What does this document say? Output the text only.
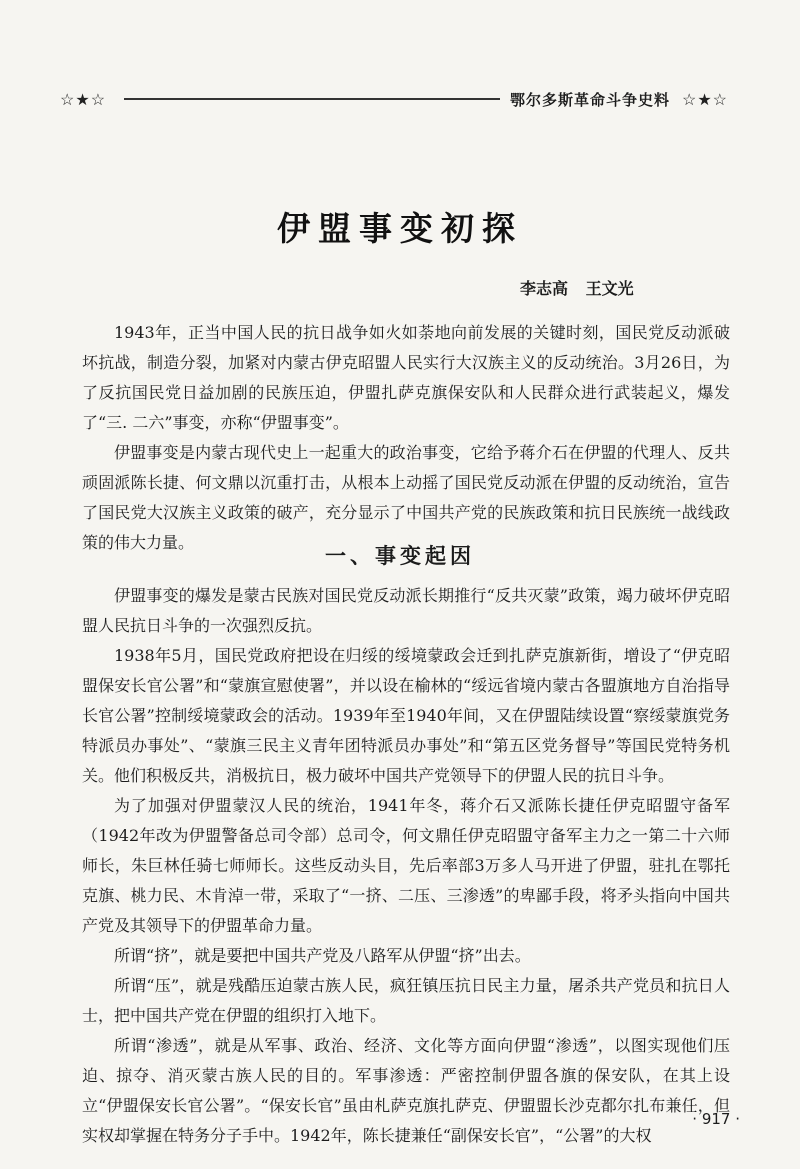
☆★☆	鄂尔多斯革命斗争史料 ☆★☆
伊盟事变初探
李志高 王文光

1943年，正当中国人民的抗日战争如火如荼地向前发展的关键时刻，国民党反动派破坏抗战，制造分裂，加紧对内蒙古伊克昭盟人民实行大汉族主义的反动统治。3月26日，为了反抗国民党日益加剧的民族压迫，伊盟扎萨克旗保安队和人民群众进行武装起义，爆发了“三. 二六”事变，亦称“伊盟事变”。

伊盟事变是内蒙古现代史上一起重大的政治事变，它给予蒋介石在伊盟的代理人、反共顽固派陈长捷、何文鼎以沉重打击，从根本上动摇了国民党反动派在伊盟的反动统治，宣告了国民党大汉族主义政策的破产，充分显示了中国共产党的民族政策和抗日民族统一战线政策的伟大力量。

一、事变起因

伊盟事变的爆发是蒙古民族对国民党反动派长期推行“反共灭蒙”政策，竭力破坏伊克昭盟人民抗日斗争的一次强烈反抗。

1938年5月，国民党政府把设在归绥的绥境蒙政会迁到扎萨克旗新街，增设了“伊克昭盟保安长官公署”和“蒙旗宣慰使署”，并以设在榆林的“绥远省境内蒙古各盟旗地方自治指导长官公署”控制绥境蒙政会的活动。1939年至1940年间，又在伊盟陆续设置“察绥蒙旗党务特派员办事处”、“蒙旗三民主义青年团特派员办事处”和“第五区党务督导”等国民党特务机关。他们积极反共，消极抗日，极力破坏中国共产党领导下的伊盟人民的抗日斗争。

为了加强对伊盟蒙汉人民的统治，1941年冬，蒋介石又派陈长捷任伊克昭盟守备军（1942年改为伊盟警备总司令部）总司令，何文鼎任伊克昭盟守备军主力之一第二十六师师长，朱巨林任骑七师师长。这些反动头目，先后率部3万多人马开进了伊盟，驻扎在鄂托克旗、桃力民、木肯淖一带，采取了“一挤、二压、三渗透”的卑鄙手段，将矛头指向中国共产党及其领导下的伊盟革命力量。

所谓“挤”，就是要把中国共产党及八路军从伊盟“挤”出去。

所谓“压”，就是残酷压迫蒙古族人民，疯狂镇压抗日民主力量，屠杀共产党员和抗日人士，把中国共产党在伊盟的组织打入地下。

所谓“渗透”，就是从军事、政治、经济、文化等方面向伊盟“渗透”，以图实现他们压迫、掠夺、消灭蒙古族人民的目的。军事渗透：严密控制伊盟各旗的保安队，在其上设立“伊盟保安长官公署”。“保安长官”虽由札萨克旗扎萨克、伊盟盟长沙克都尔扎布兼任，但实权却掌握在特务分子手中。1942年，陈长捷兼任“副保安长官”，“公署”的大权

· 917 ·
